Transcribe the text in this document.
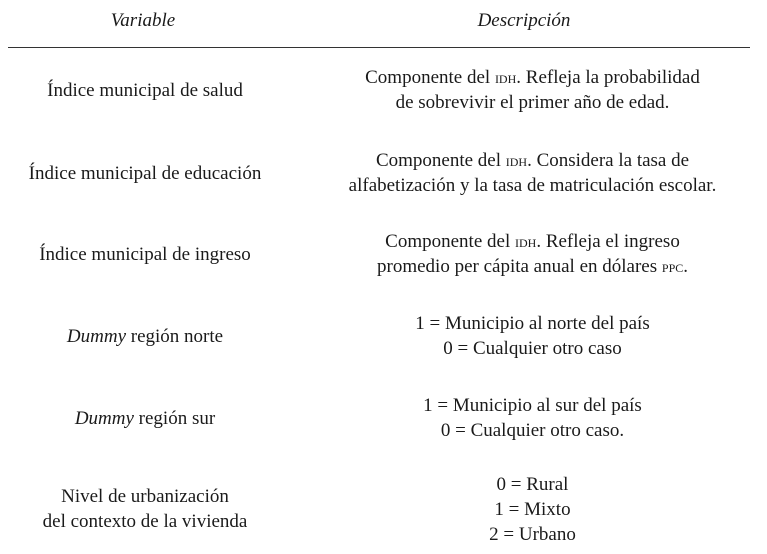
Variable	Descripción
Índice municipal de salud
Componente del idh. Refleja la probabilidad
de sobrevivir el primer año de edad.
Índice municipal de educación
Componente del idh. Considera la tasa de
alfabetización y la tasa de matriculación escolar.
Índice municipal de ingreso
Componente del idh. Refleja el ingreso
promedio per cápita anual en dólares ppc.
Dummy región norte
1 = Municipio al norte del país
0 = Cualquier otro caso
Dummy región sur
1 = Municipio al sur del país
0 = Cualquier otro caso.
Nivel de urbanización
del contexto de la vivienda
0 = Rural
1 = Mixto
2 = Urbano
